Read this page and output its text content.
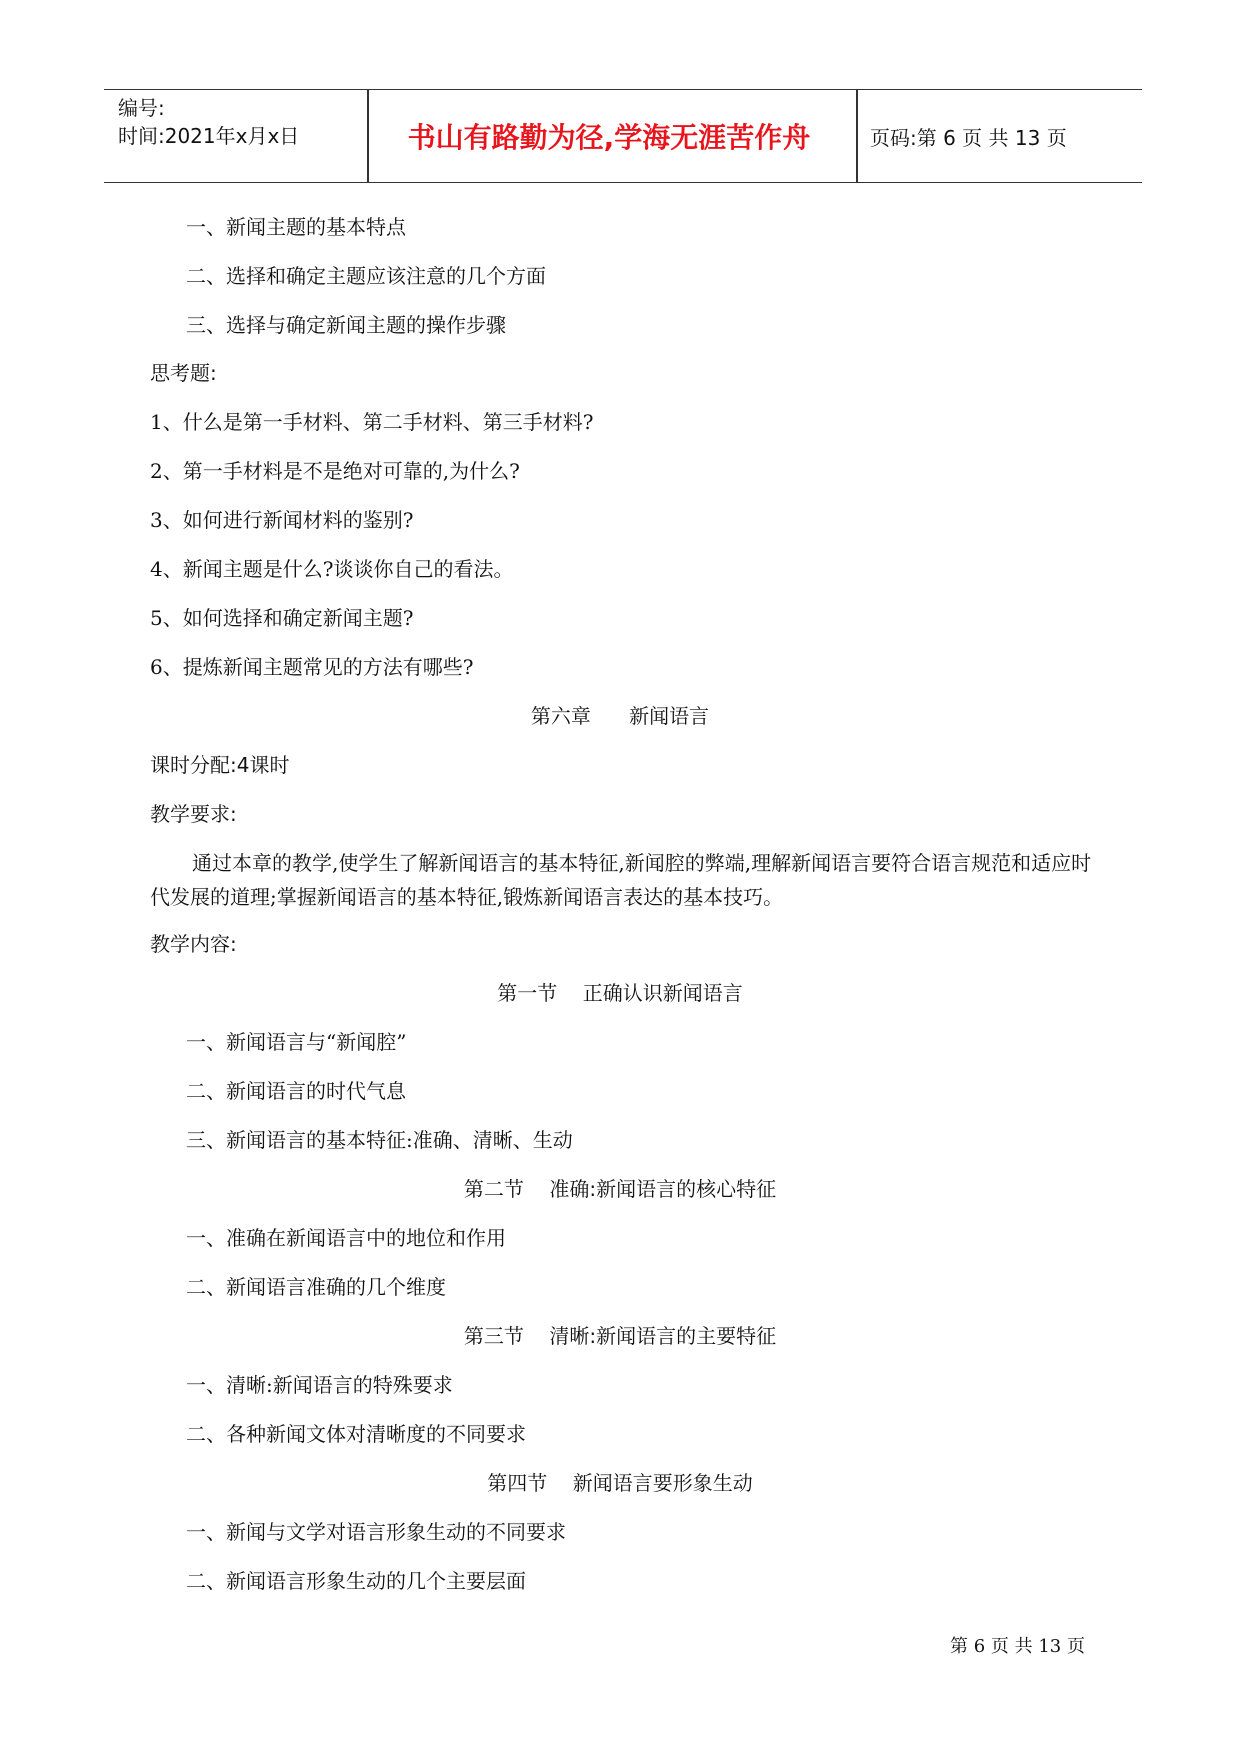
编号:
时间:2021年x月x日	书山有路勤为径,学海无涯苦作舟	页码:第 6 页 共 13 页
一、新闻主题的基本特点
二、选择和确定主题应该注意的几个方面
三、选择与确定新闻主题的操作步骤
思考题:
1、什么是第一手材料、第二手材料、第三手材料?
2、第一手材料是不是绝对可靠的,为什么?
3、如何进行新闻材料的鉴别?
4、新闻主题是什么?谈谈你自己的看法。
5、如何选择和确定新闻主题?
6、提炼新闻主题常见的方法有哪些?
第六章      新闻语言
课时分配:4课时
教学要求:
通过本章的教学,使学生了解新闻语言的基本特征,新闻腔的弊端,理解新闻语言要符合语言规范和适应时代发展的道理;掌握新闻语言的基本特征,锻炼新闻语言表达的基本技巧。
教学内容:
第一节    正确认识新闻语言
一、新闻语言与“新闻腔”
二、新闻语言的时代气息
三、新闻语言的基本特征:准确、清晰、生动
第二节    准确:新闻语言的核心特征
一、准确在新闻语言中的地位和作用
二、新闻语言准确的几个维度
第三节    清晰:新闻语言的主要特征
一、清晰:新闻语言的特殊要求
二、各种新闻文体对清晰度的不同要求
第四节    新闻语言要形象生动
一、新闻与文学对语言形象生动的不同要求
二、新闻语言形象生动的几个主要层面
第 6 页 共 13 页
